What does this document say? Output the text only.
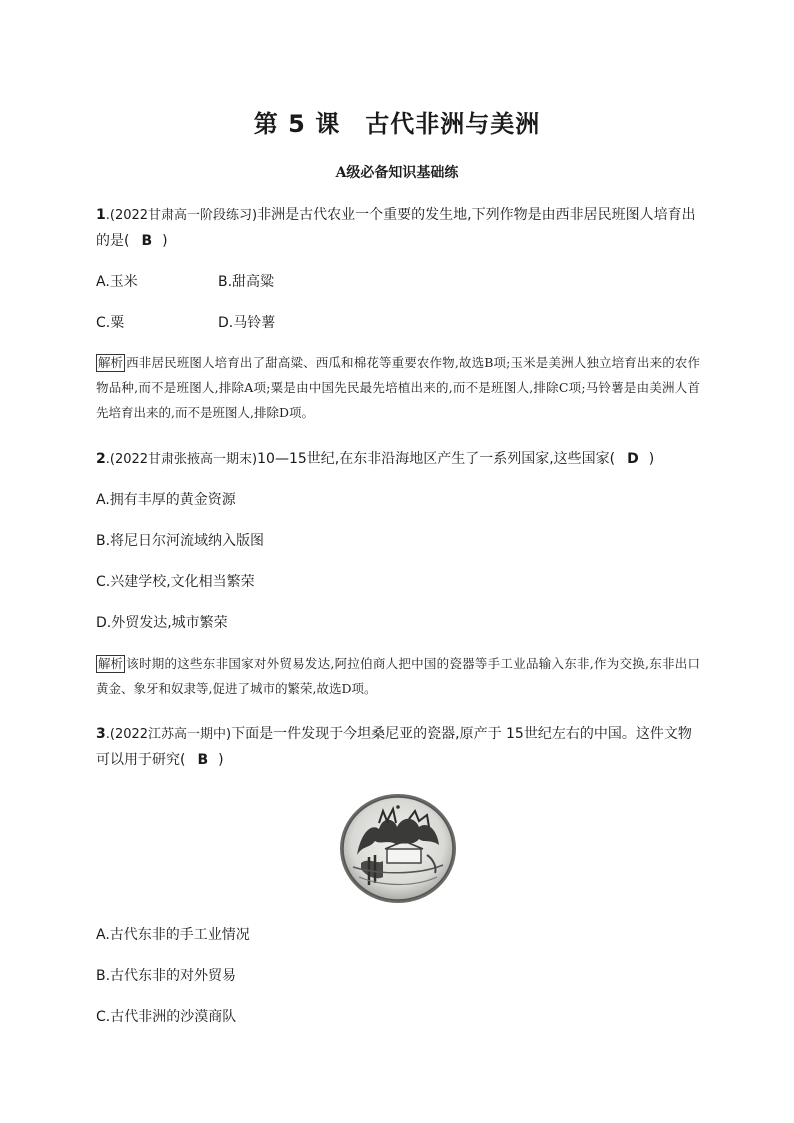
第 5 课　古代非洲与美洲
A级必备知识基础练
1.(2022甘肃高一阶段练习)非洲是古代农业一个重要的发生地,下列作物是由西非居民班图人培育出
的是( B )
A.玉米	B.甜高粱
C.粟	D.马铃薯
解析 西非居民班图人培育出了甜高粱、西瓜和棉花等重要农作物,故选B项;玉米是美洲人独立培育出来的农作物品种,而不是班图人,排除A项;粟是由中国先民最先培植出来的,而不是班图人,排除C项;马铃薯是由美洲人首先培育出来的,而不是班图人,排除D项。
2.(2022甘肃张掖高一期末)10—15世纪,在东非沿海地区产生了一系列国家,这些国家( D )
A.拥有丰厚的黄金资源
B.将尼日尔河流域纳入版图
C.兴建学校,文化相当繁荣
D.外贸发达,城市繁荣
解析 该时期的这些东非国家对外贸易发达,阿拉伯商人把中国的瓷器等手工业品输入东非,作为交换,东非出口黄金、象牙和奴隶等,促进了城市的繁荣,故选D项。
3.(2022江苏高一期中)下面是一件发现于今坦桑尼亚的瓷器,原产于 15世纪左右的中国。这件文物
可以用于研究( B )
A.古代东非的手工业情况
B.古代东非的对外贸易
C.古代非洲的沙漠商队
